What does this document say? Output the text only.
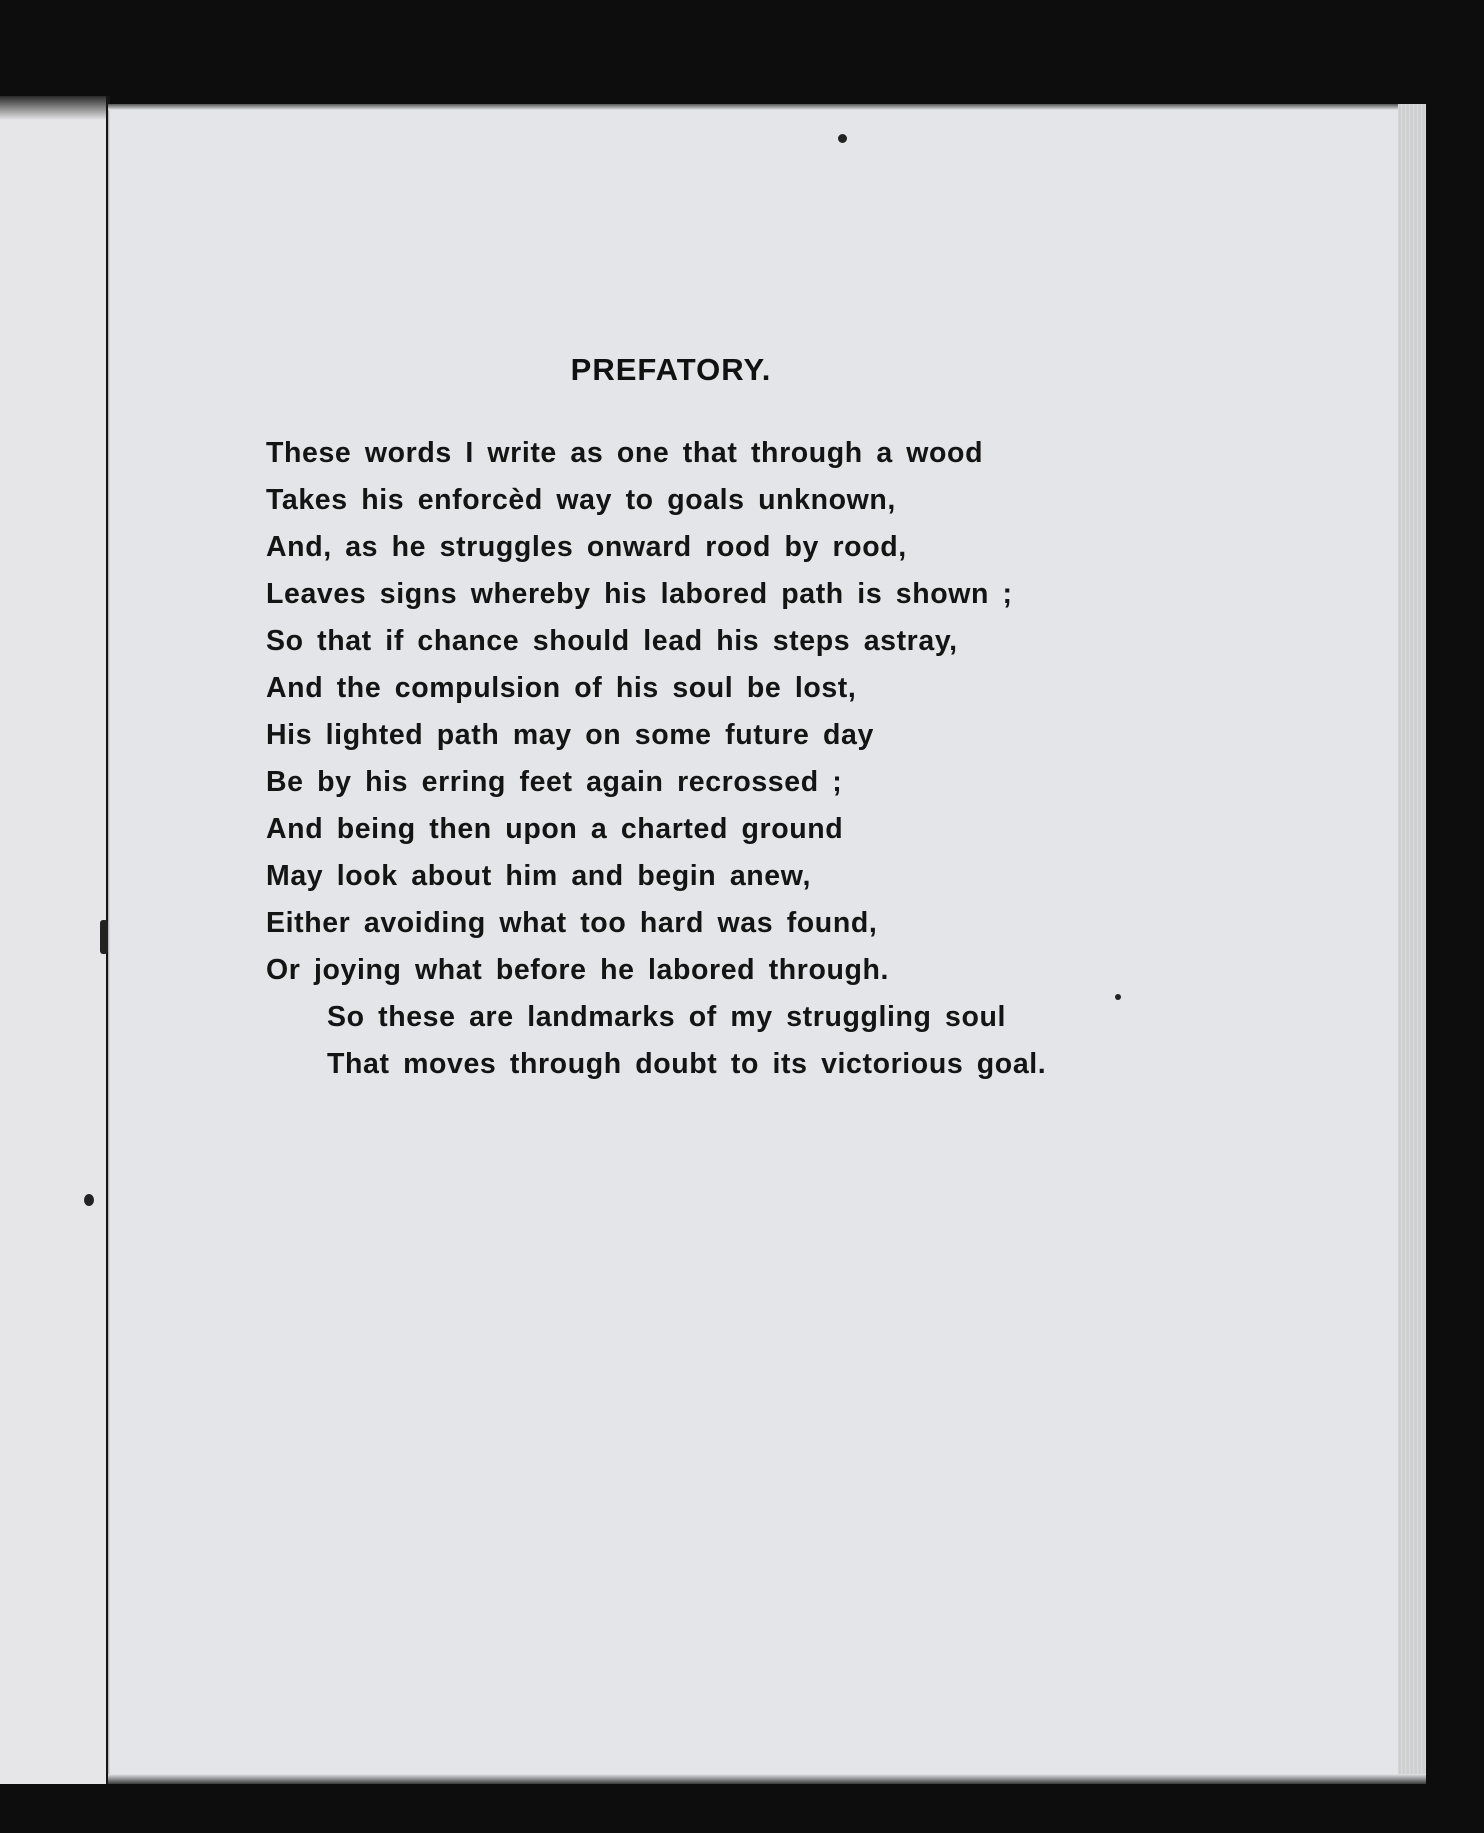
PREFATORY.
These words I write as one that through a wood
Takes his enforcèd way to goals unknown,
And, as he struggles onward rood by rood,
Leaves signs whereby his labored path is shown ;
So that if chance should lead his steps astray,
And the compulsion of his soul be lost,
His lighted path may on some future day
Be by his erring feet again recrossed ;
And being then upon a charted ground
May look about him and begin anew,
Either avoiding what too hard was found,
Or joying what before he labored through.
So these are landmarks of my struggling soul
That moves through doubt to its victorious goal.
